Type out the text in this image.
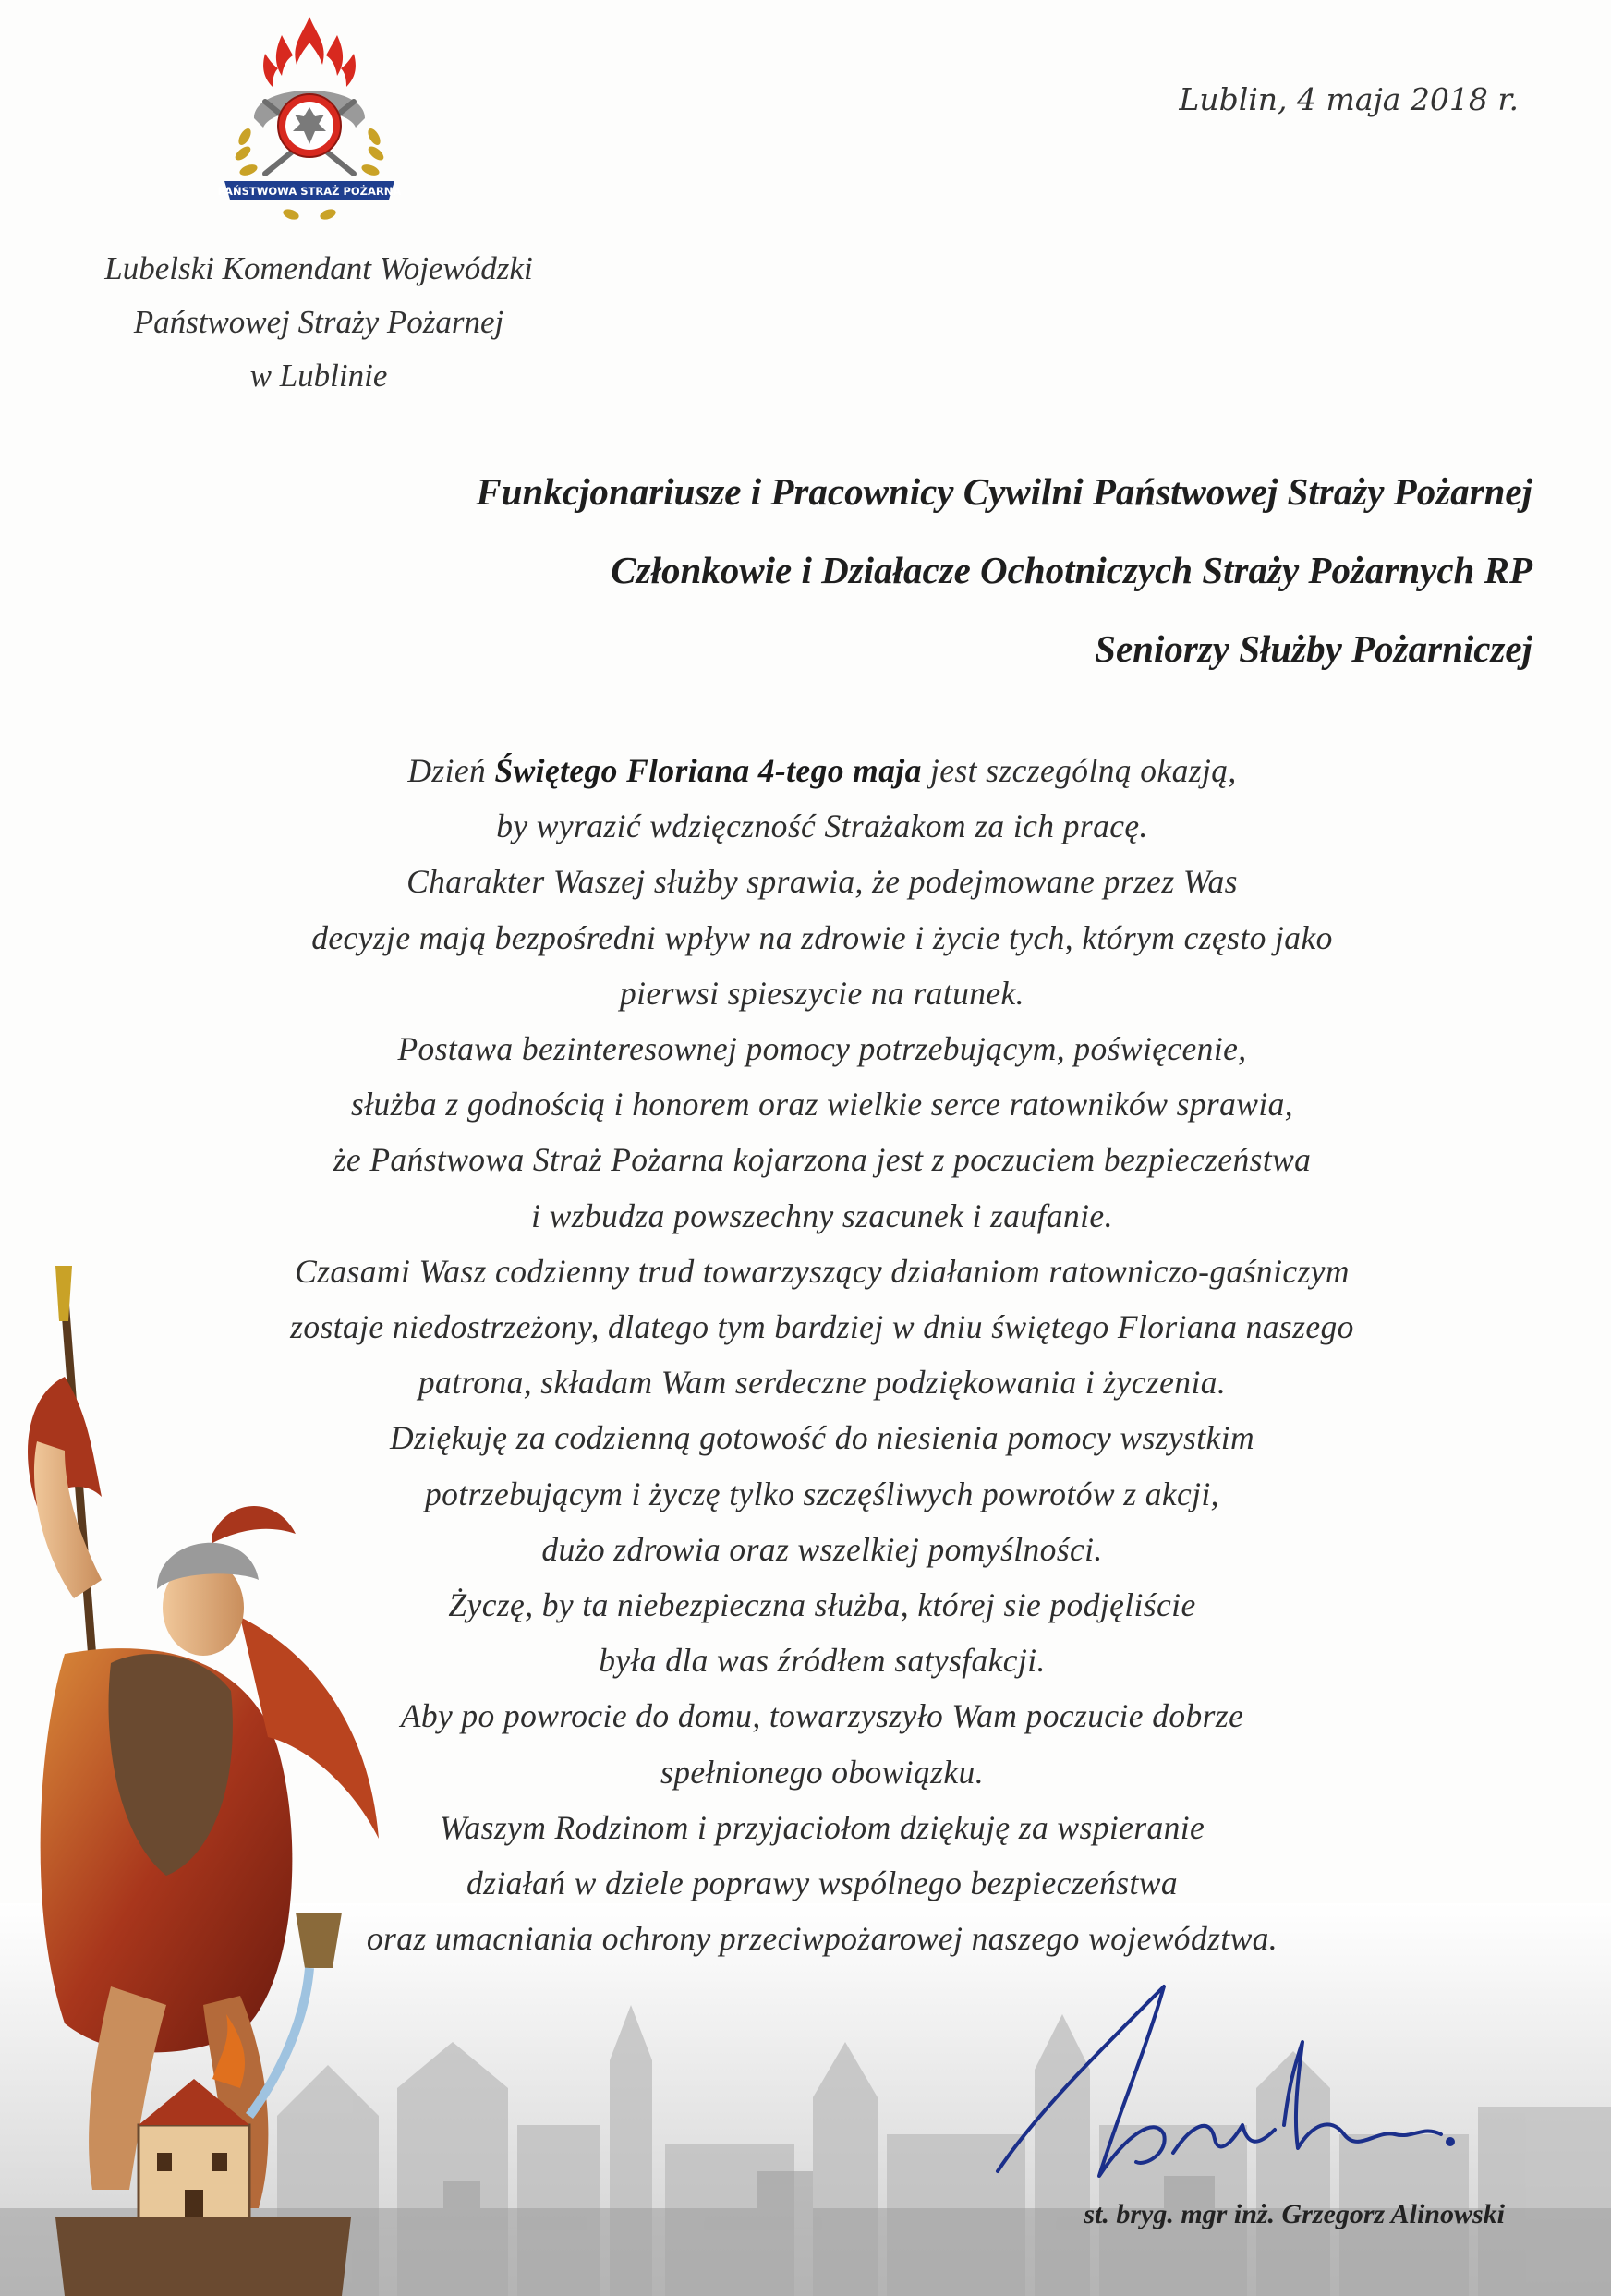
PAŃSTWOWA STRAŻ POŻARNA
Lublin, 4 maja 2018 r.
Lubelski Komendant Wojewódzki
Państwowej Straży Pożarnej
w Lublinie
Funkcjonariusze i Pracownicy Cywilni Państwowej Straży Pożarnej
Członkowie i Działacze Ochotniczych Straży Pożarnych RP
Seniorzy Służby Pożarniczej
Dzień Świętego Floriana 4-tego maja jest szczególną okazją,
by wyrazić wdzięczność Strażakom za ich pracę.
Charakter Waszej służby sprawia, że podejmowane przez Was
decyzje mają bezpośredni wpływ na zdrowie i życie tych, którym często jako
pierwsi spieszycie na ratunek.
Postawa bezinteresownej pomocy potrzebującym, poświęcenie,
służba z godnością i honorem oraz wielkie serce ratowników sprawia,
że Państwowa Straż Pożarna kojarzona jest z poczuciem bezpieczeństwa
i wzbudza powszechny szacunek i zaufanie.
Czasami Wasz codzienny trud towarzyszący działaniom ratowniczo-gaśniczym
zostaje niedostrzeżony, dlatego tym bardziej w dniu świętego Floriana naszego
patrona, składam Wam serdeczne podziękowania i życzenia.
Dziękuję za codzienną gotowość do niesienia pomocy wszystkim
potrzebującym i życzę tylko szczęśliwych powrotów z akcji,
dużo zdrowia oraz wszelkiej pomyślności.
Życzę, by ta niebezpieczna służba, której sie podjęliście
była dla was źródłem satysfakcji.
Aby po powrocie do domu, towarzyszyło Wam poczucie dobrze
spełnionego obowiązku.
Waszym Rodzinom i przyjaciołom dziękuję za wspieranie
działań w dziele poprawy wspólnego bezpieczeństwa
oraz umacniania ochrony przeciwpożarowej naszego województwa.
st. bryg. mgr inż. Grzegorz Alinowski
